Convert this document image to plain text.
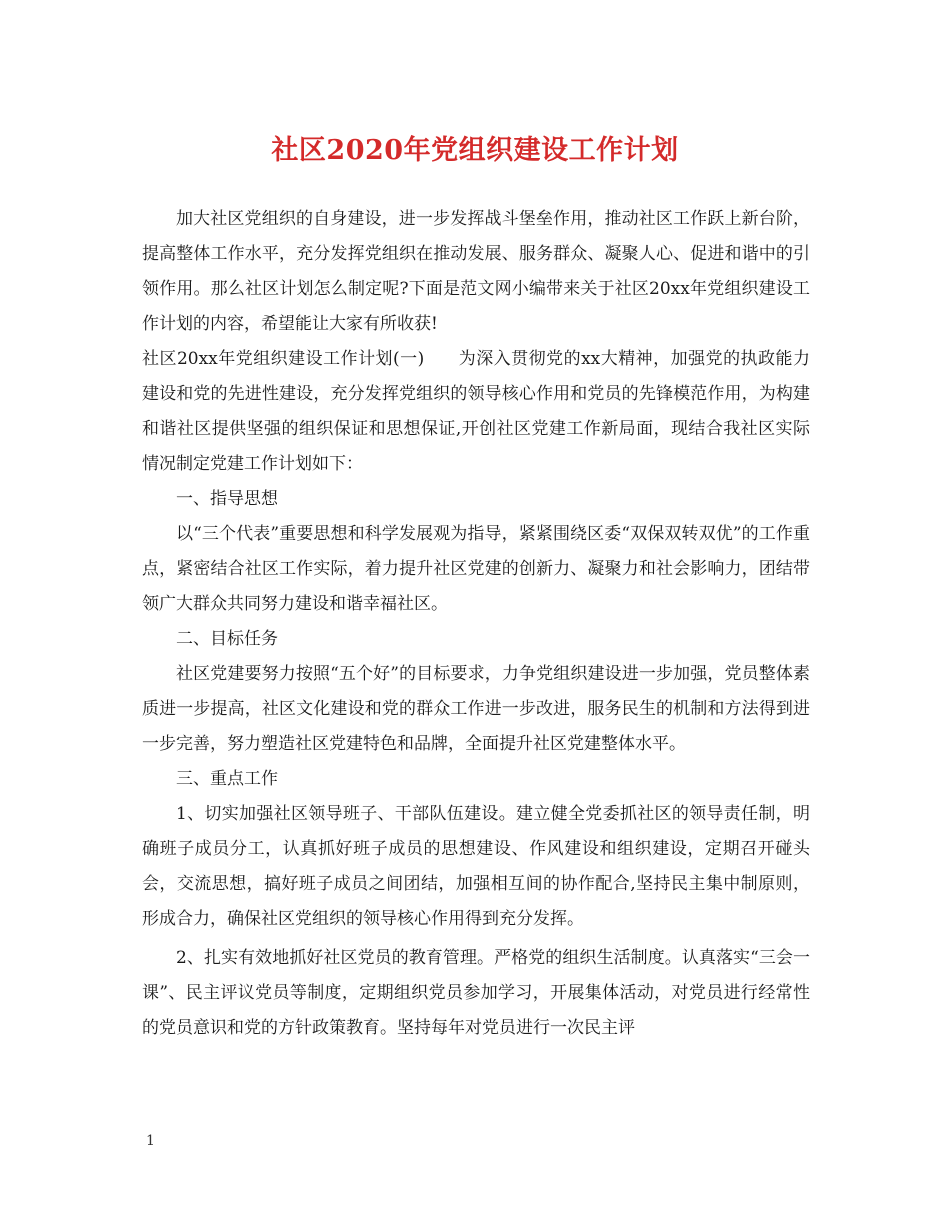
社区2020年党组织建设工作计划

加大社区党组织的自身建设，进一步发挥战斗堡垒作用，推动社区工作跃上新台阶，提高整体工作水平，充分发挥党组织在推动发展、服务群众、凝聚人心、促进和谐中的引领作用。那么社区计划怎么制定呢?下面是范文网小编带来关于社区20xx年党组织建设工作计划的内容，希望能让大家有所收获!

社区20xx年党组织建设工作计划(一) 为深入贯彻党的xx大精神，加强党的执政能力建设和党的先进性建设，充分发挥党组织的领导核心作用和党员的先锋模范作用，为构建和谐社区提供坚强的组织保证和思想保证,开创社区党建工作新局面，现结合我社区实际情况制定党建工作计划如下：

一、指导思想

以“三个代表”重要思想和科学发展观为指导，紧紧围绕区委“双保双转双优”的工作重点，紧密结合社区工作实际，着力提升社区党建的创新力、凝聚力和社会影响力，团结带领广大群众共同努力建设和谐幸福社区。

二、目标任务

社区党建要努力按照“五个好”的目标要求，力争党组织建设进一步加强，党员整体素质进一步提高，社区文化建设和党的群众工作进一步改进，服务民生的机制和方法得到进一步完善，努力塑造社区党建特色和品牌，全面提升社区党建整体水平。

三、重点工作

1、切实加强社区领导班子、干部队伍建设。建立健全党委抓社区的领导责任制，明确班子成员分工，认真抓好班子成员的思想建设、作风建设和组织建设，定期召开碰头会，交流思想，搞好班子成员之间团结，加强相互间的协作配合,坚持民主集中制原则，形成合力，确保社区党组织的领导核心作用得到充分发挥。

2、扎实有效地抓好社区党员的教育管理。严格党的组织生活制度。认真落实“三会一课”、民主评议党员等制度，定期组织党员参加学习，开展集体活动，对党员进行经常性的党员意识和党的方针政策教育。坚持每年对党员进行一次民主评

1
